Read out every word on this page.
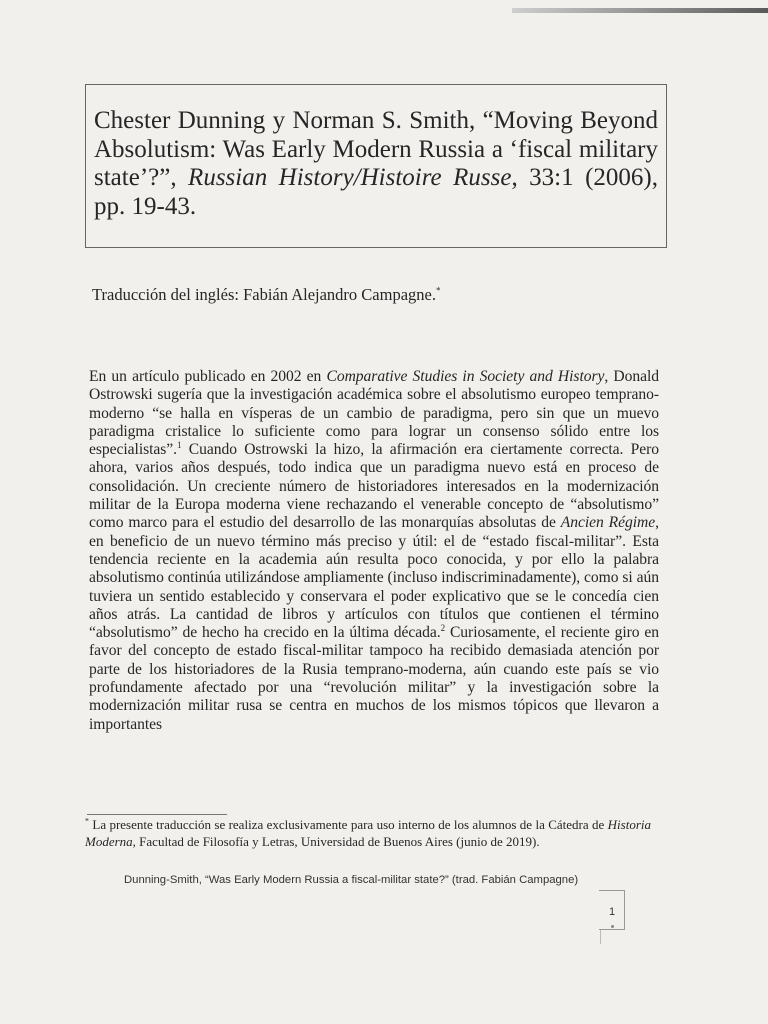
Chester Dunning y Norman S. Smith, “Moving Beyond Absolutism: Was Early Modern Russia a ‘fiscal military state’?”, Russian History/Histoire Russe, 33:1 (2006), pp. 19-43.
Traducción del inglés: Fabián Alejandro Campagne.*
En un artículo publicado en 2002 en Comparative Studies in Society and History, Donald Ostrowski sugería que la investigación académica sobre el absolutismo europeo temprano-moderno “se halla en vísperas de un cambio de paradigma, pero sin que un muevo paradigma cristalice lo suficiente como para lograr un consenso sólido entre los especialistas”.$^1$ Cuando Ostrowski la hizo, la afirmación era ciertamente correcta. Pero ahora, varios años después, todo indica que un paradigma nuevo está en proceso de consolidación. Un creciente número de historiadores interesados en la modernización militar de la Europa moderna viene rechazando el venerable concepto de “absolutismo” como marco para el estudio del desarrollo de las monarquías absolutas de Ancien Régime, en beneficio de un nuevo término más preciso y útil: el de “estado fiscal-militar”. Esta tendencia reciente en la academia aún resulta poco conocida, y por ello la palabra absolutismo continúa utilizándose ampliamente (incluso indiscriminadamente), como si aún tuviera un sentido establecido y conservara el poder explicativo que se le concedía cien años atrás. La cantidad de libros y artículos con títulos que contienen el término “absolutismo” de hecho ha crecido en la última década.$^2$ Curiosamente, el reciente giro en favor del concepto de estado fiscal-militar tampoco ha recibido demasiada atención por parte de los historiadores de la Rusia temprano-moderna, aún cuando este país se vio profundamente afectado por una “revolución militar” y la investigación sobre la modernización militar rusa se centra en muchos de los mismos tópicos que llevaron a importantes
* La presente traducción se realiza exclusivamente para uso interno de los alumnos de la Cátedra de Historia Moderna, Facultad de Filosofía y Letras, Universidad de Buenos Aires (junio de 2019).
Dunning-Smith, “Was Early Modern Russia a fiscal-militar state?” (trad. Fabián Campagne)
1
